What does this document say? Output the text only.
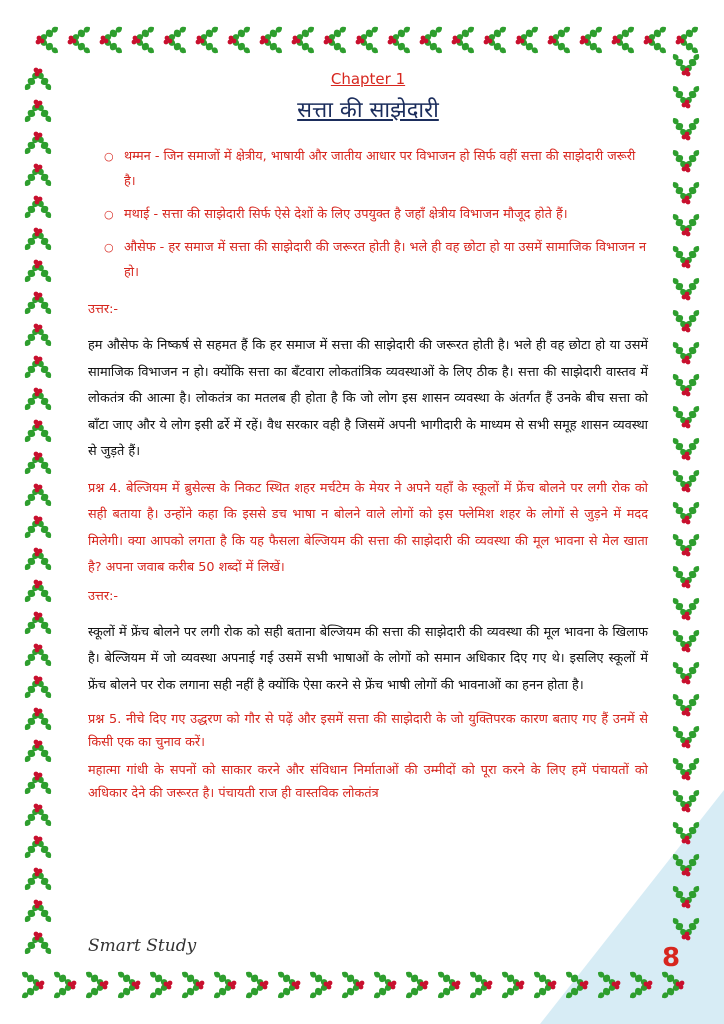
Chapter 1

सत्ता की साझेदारी

○ थम्मन - जिन समाजों में क्षेत्रीय, भाषायी और जातीय आधार पर विभाजन हो सिर्फ वहीं सत्ता की साझेदारी जरूरी है।
○ मथाई - सत्ता की साझेदारी सिर्फ ऐसे देशों के लिए उपयुक्त है जहाँ क्षेत्रीय विभाजन मौजूद होते हैं।
○ औसेफ - हर समाज में सत्ता की साझेदारी की जरूरत होती है। भले ही वह छोटा हो या उसमें सामाजिक विभाजन न हो।

उत्तर:-

हम औसेफ के निष्कर्ष से सहमत हैं कि हर समाज में सत्ता की साझेदारी की जरूरत होती है। भले ही वह छोटा हो या उसमें सामाजिक विभाजन न हो। क्योंकि सत्ता का बँटवारा लोकतांत्रिक व्यवस्थाओं के लिए ठीक है। सत्ता की साझेदारी वास्तव में लोकतंत्र की आत्मा है। लोकतंत्र का मतलब ही होता है कि जो लोग इस शासन व्यवस्था के अंतर्गत हैं उनके बीच सत्ता को बाँटा जाए और ये लोग इसी ढर्रे में रहें। वैध सरकार वही है जिसमें अपनी भागीदारी के माध्यम से सभी समूह शासन व्यवस्था से जुड़ते हैं।

प्रश्न 4. बेल्जियम में ब्रुसेल्स के निकट स्थित शहर मर्चटेम के मेयर ने अपने यहाँ के स्कूलों में फ्रेंच बोलने पर लगी रोक को सही बताया है। उन्होंने कहा कि इससे डच भाषा न बोलने वाले लोगों को इस फ्लेमिश शहर के लोगों से जुड़ने में मदद मिलेगी। क्या आपको लगता है कि यह फैसला बेल्जियम की सत्ता की साझेदारी की व्यवस्था की मूल भावना से मेल खाता है? अपना जवाब करीब 50 शब्दों में लिखें।

उत्तर:-

स्कूलों में फ्रेंच बोलने पर लगी रोक को सही बताना बेल्जियम की सत्ता की साझेदारी की व्यवस्था की मूल भावना के खिलाफ है। बेल्जियम में जो व्यवस्था अपनाई गई उसमें सभी भाषाओं के लोगों को समान अधिकार दिए गए थे। इसलिए स्कूलों में फ्रेंच बोलने पर रोक लगाना सही नहीं है क्योंकि ऐसा करने से फ्रेंच भाषी लोगों की भावनाओं का हनन होता है।

प्रश्न 5. नीचे दिए गए उद्धरण को गौर से पढ़ें और इसमें सत्ता की साझेदारी के जो युक्तिपरक कारण बताए गए हैं उनमें से किसी एक का चुनाव करें।

महात्मा गांधी के सपनों को साकार करने और संविधान निर्माताओं की उम्मीदों को पूरा करने के लिए हमें पंचायतों को अधिकार देने की जरूरत है। पंचायती राज ही वास्तविक लोकतंत्र

Smart Study	8
